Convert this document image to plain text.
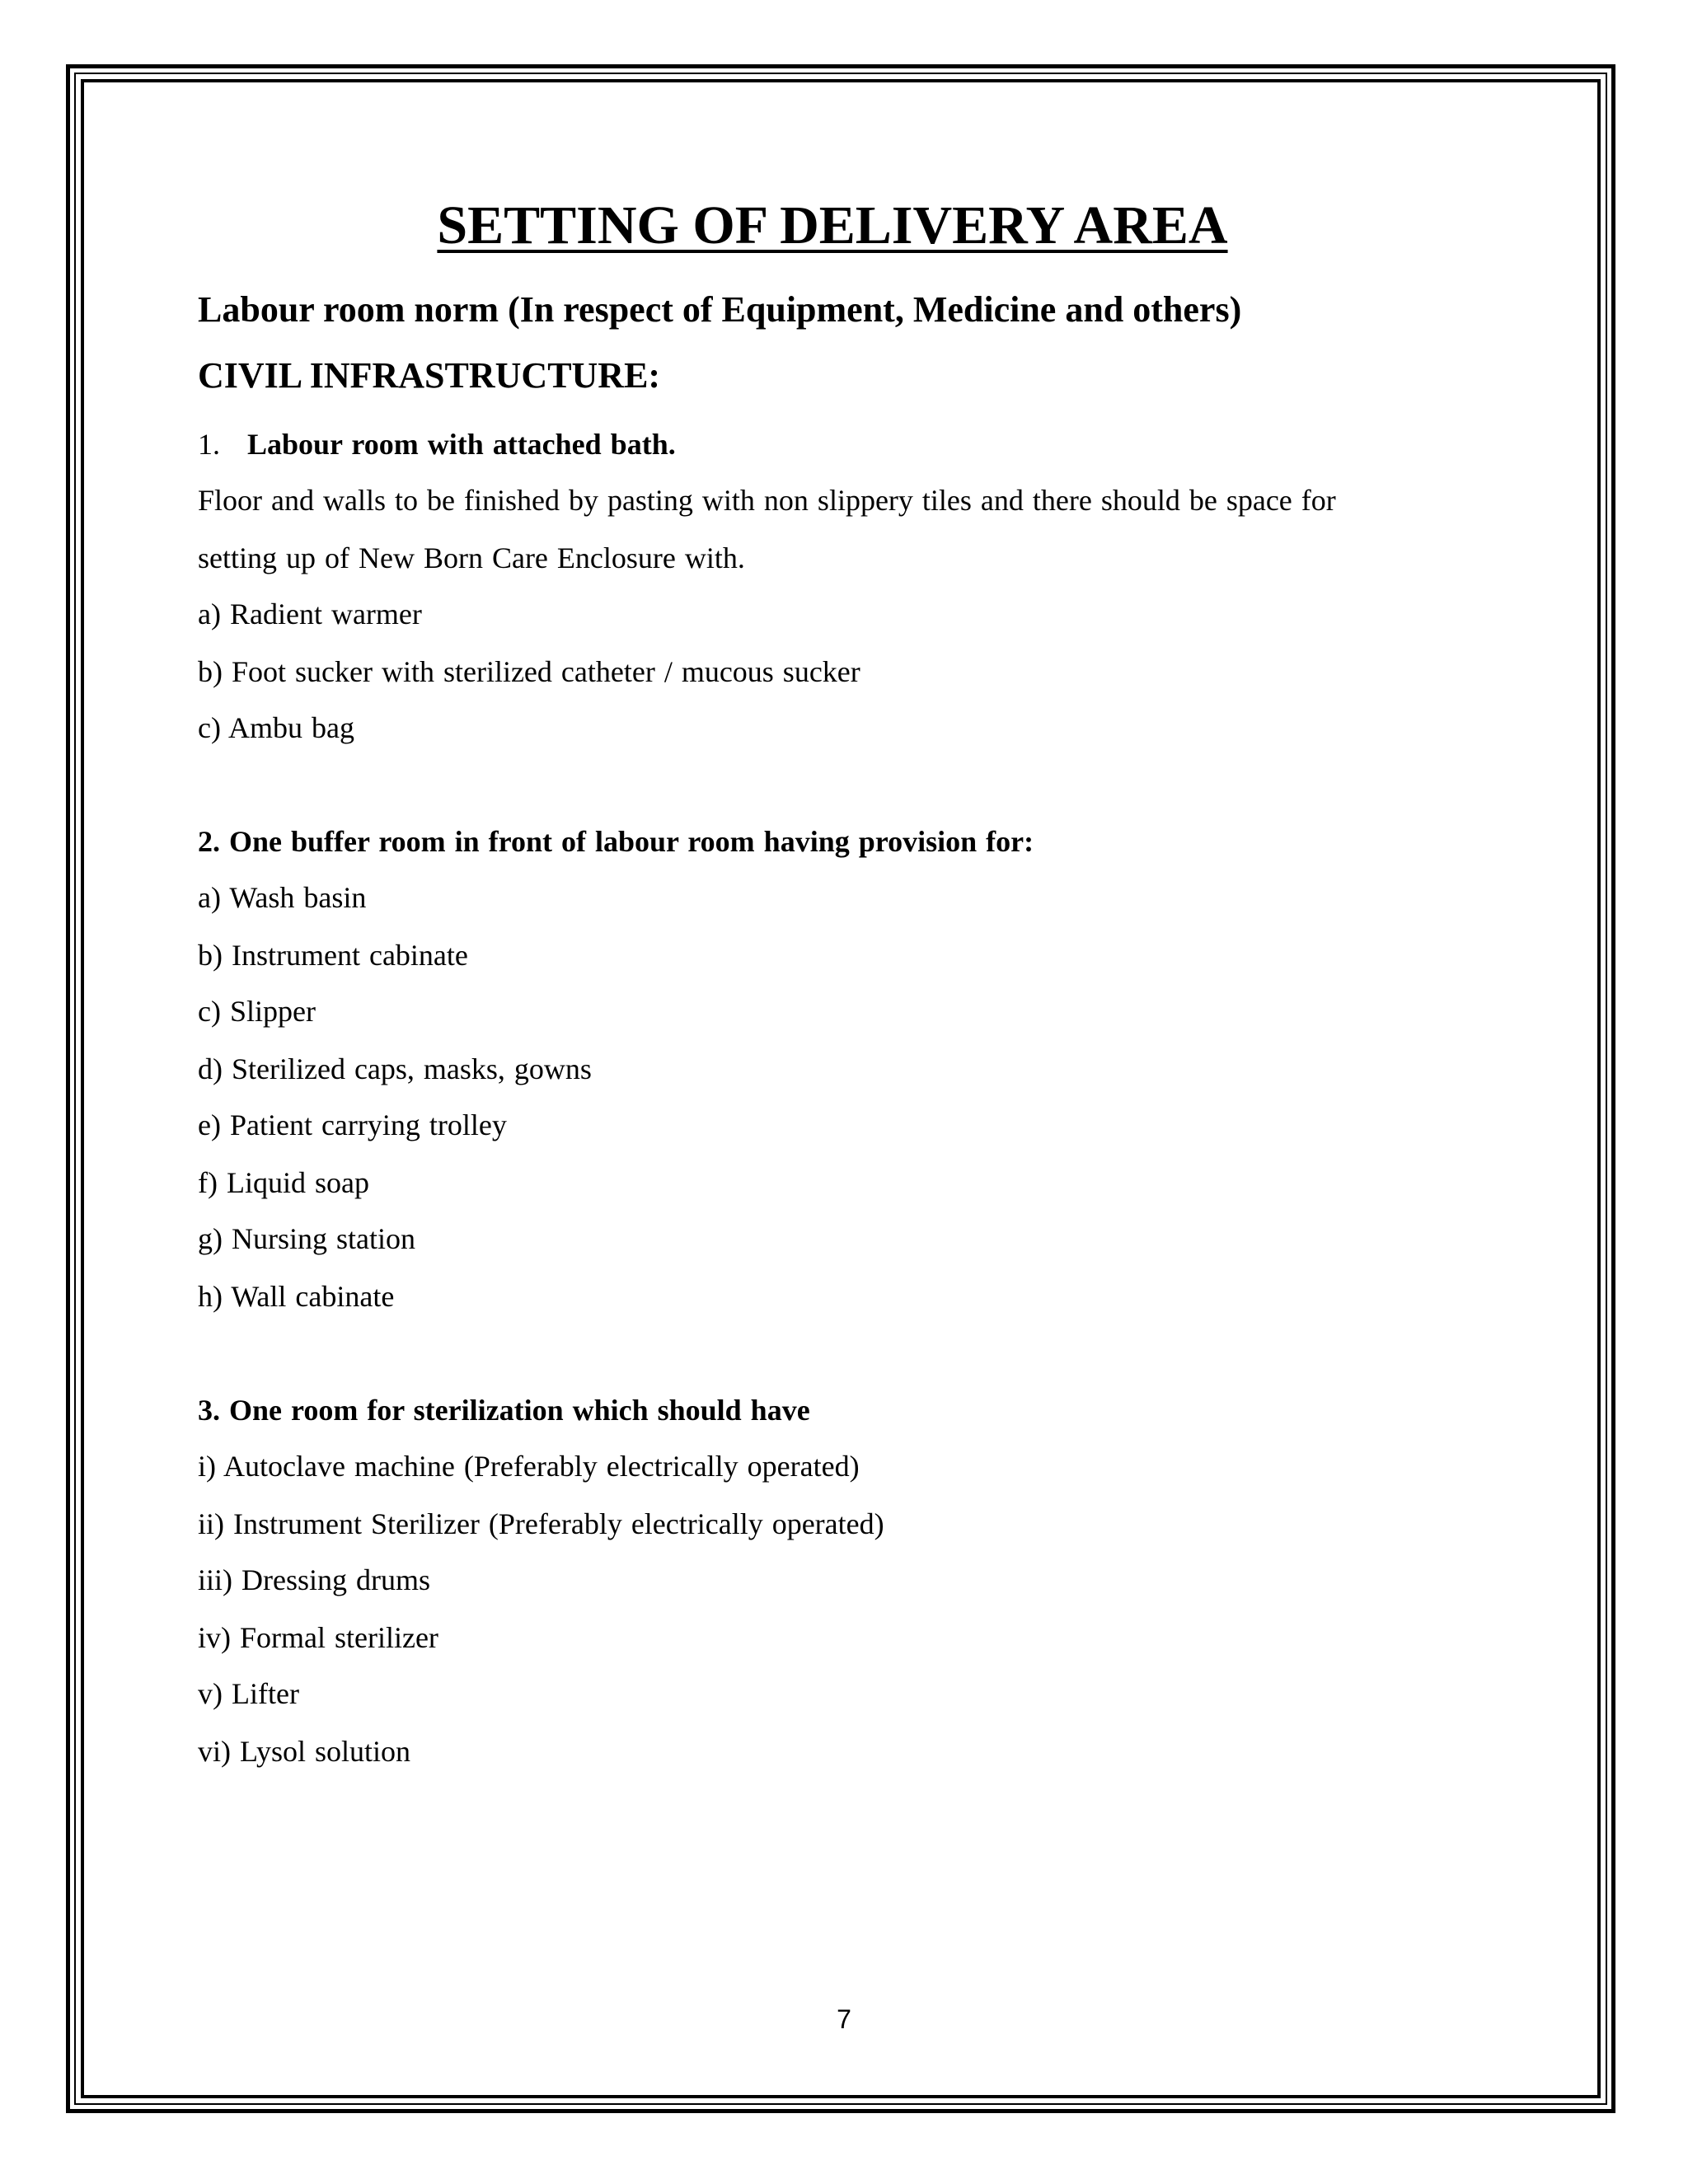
SETTING OF DELIVERY AREA

Labour room norm (In respect of Equipment, Medicine and others)

CIVIL INFRASTRUCTURE:

1. Labour room with attached bath.

Floor and walls to be finished by pasting with non slippery tiles and there should be space for

setting up of New Born Care Enclosure with.

a) Radient warmer

b) Foot sucker with sterilized catheter / mucous sucker

c) Ambu bag

2. One buffer room in front of labour room having provision for:

a) Wash basin

b) Instrument cabinate

c) Slipper

d) Sterilized caps, masks, gowns

e) Patient carrying trolley

f) Liquid soap

g) Nursing station

h) Wall cabinate

3. One room for sterilization which should have

i) Autoclave machine (Preferably electrically operated)

ii) Instrument Sterilizer (Preferably electrically operated)

iii) Dressing drums

iv) Formal sterilizer

v) Lifter

vi) Lysol solution

7
